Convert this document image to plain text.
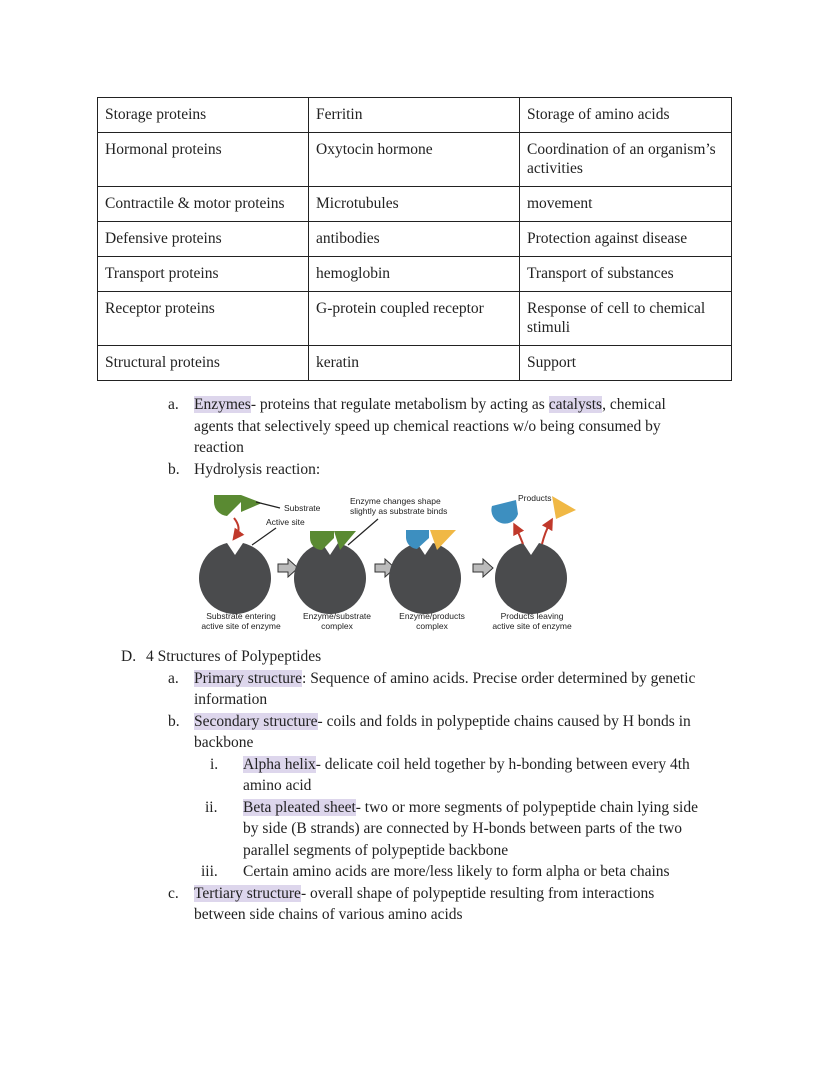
Storage proteins	Ferritin	Storage of amino acids
Hormonal proteins	Oxytocin hormone	Coordination of an organism’s activities
Contractile & motor proteins	Microtubules	movement
Defensive proteins	antibodies	Protection against disease
Transport proteins	hemoglobin	Transport of substances
Receptor proteins	G-protein coupled receptor	Response of cell to chemical stimuli
Structural proteins	keratin	Support
a. Enzymes- proteins that regulate metabolism by acting as catalysts, chemical
agents that selectively speed up chemical reactions w/o being consumed by
reaction
b. Hydrolysis reaction:
Substrate
Active site
Enzyme changes shape
slightly as substrate binds
Products
Substrate entering
active site of enzyme
Enzyme/substrate
complex
Enzyme/products
complex
Products leaving
active site of enzyme
D. 4 Structures of Polypeptides
a. Primary structure: Sequence of amino acids. Precise order determined by genetic
information
b. Secondary structure- coils and folds in polypeptide chains caused by H bonds in
backbone
i. Alpha helix- delicate coil held together by h-bonding between every 4th
amino acid
ii. Beta pleated sheet- two or more segments of polypeptide chain lying side
by side (B strands) are connected by H-bonds between parts of the two
parallel segments of polypeptide backbone
iii. Certain amino acids are more/less likely to form alpha or beta chains
c. Tertiary structure- overall shape of polypeptide resulting from interactions
between side chains of various amino acids
